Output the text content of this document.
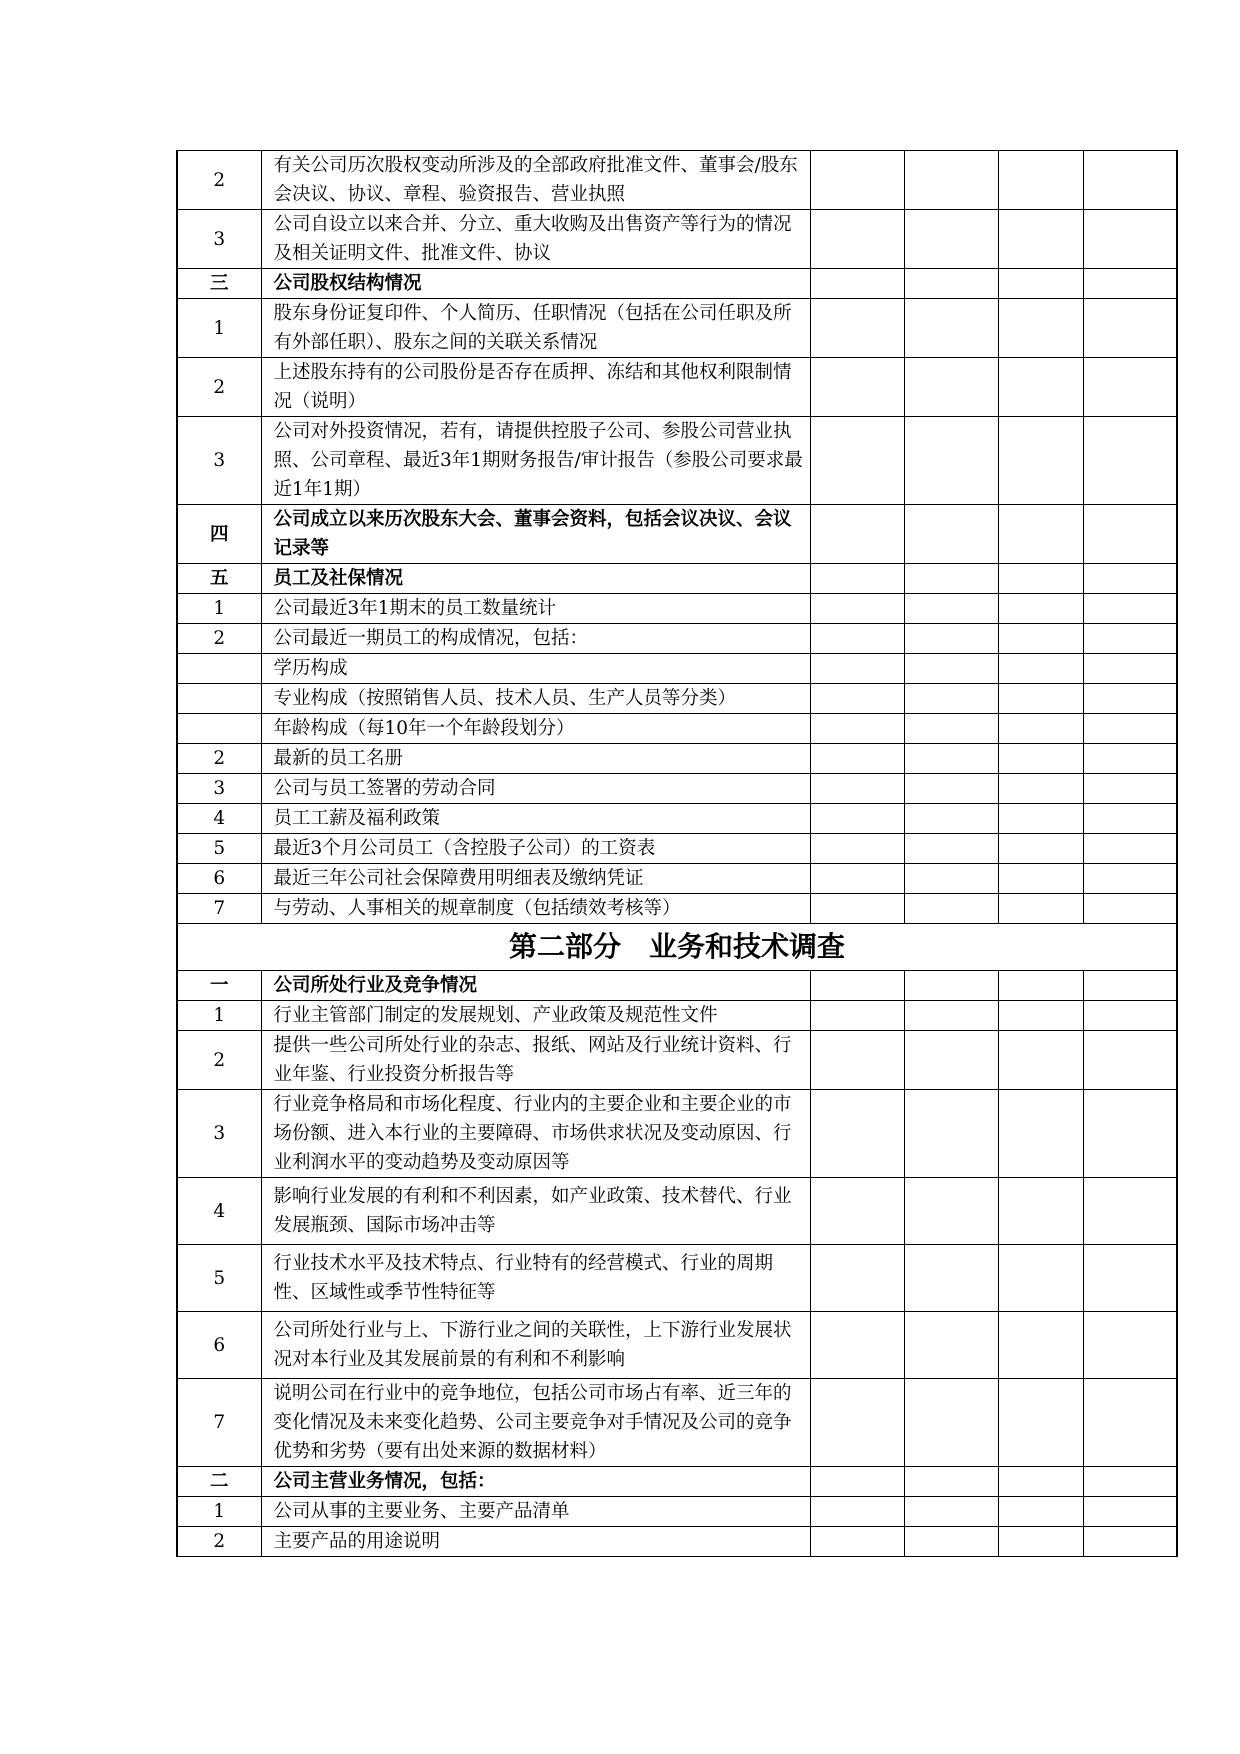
2	有关公司历次股权变动所涉及的全部政府批准文件、董事会/股东会决议、协议、章程、验资报告、营业执照				
3	公司自设立以来合并、分立、重大收购及出售资产等行为的情况及相关证明文件、批准文件、协议				
三	公司股权结构情况				
1	股东身份证复印件、个人简历、任职情况（包括在公司任职及所有外部任职）、股东之间的关联关系情况				
2	上述股东持有的公司股份是否存在质押、冻结和其他权利限制情况（说明）				
3	公司对外投资情况，若有，请提供控股子公司、参股公司营业执照、公司章程、最近3年1期财务报告/审计报告（参股公司要求最近1年1期）				
四	公司成立以来历次股东大会、董事会资料，包括会议决议、会议记录等				
五	员工及社保情况				
1	公司最近3年1期末的员工数量统计				
2	公司最近一期员工的构成情况，包括：				
	学历构成				
	专业构成（按照销售人员、技术人员、生产人员等分类）				
	年龄构成（每10年一个年龄段划分）				
2	最新的员工名册				
3	公司与员工签署的劳动合同				
4	员工工薪及福利政策				
5	最近3个月公司员工（含控股子公司）的工资表				
6	最近三年公司社会保障费用明细表及缴纳凭证				
7	与劳动、人事相关的规章制度（包括绩效考核等）				
第二部分　业务和技术调查					
一	公司所处行业及竞争情况				
1	行业主管部门制定的发展规划、产业政策及规范性文件				
2	提供一些公司所处行业的杂志、报纸、网站及行业统计资料、行业年鉴、行业投资分析报告等				
3	行业竞争格局和市场化程度、行业内的主要企业和主要企业的市场份额、进入本行业的主要障碍、市场供求状况及变动原因、行业利润水平的变动趋势及变动原因等				
4	影响行业发展的有利和不利因素，如产业政策、技术替代、行业发展瓶颈、国际市场冲击等				
5	行业技术水平及技术特点、行业特有的经营模式、行业的周期性、区域性或季节性特征等				
6	公司所处行业与上、下游行业之间的关联性，上下游行业发展状况对本行业及其发展前景的有利和不利影响				
7	说明公司在行业中的竞争地位，包括公司市场占有率、近三年的变化情况及未来变化趋势、公司主要竞争对手情况及公司的竞争优势和劣势（要有出处来源的数据材料）				
二	公司主营业务情况，包括：				
1	公司从事的主要业务、主要产品清单				
2	主要产品的用途说明				
